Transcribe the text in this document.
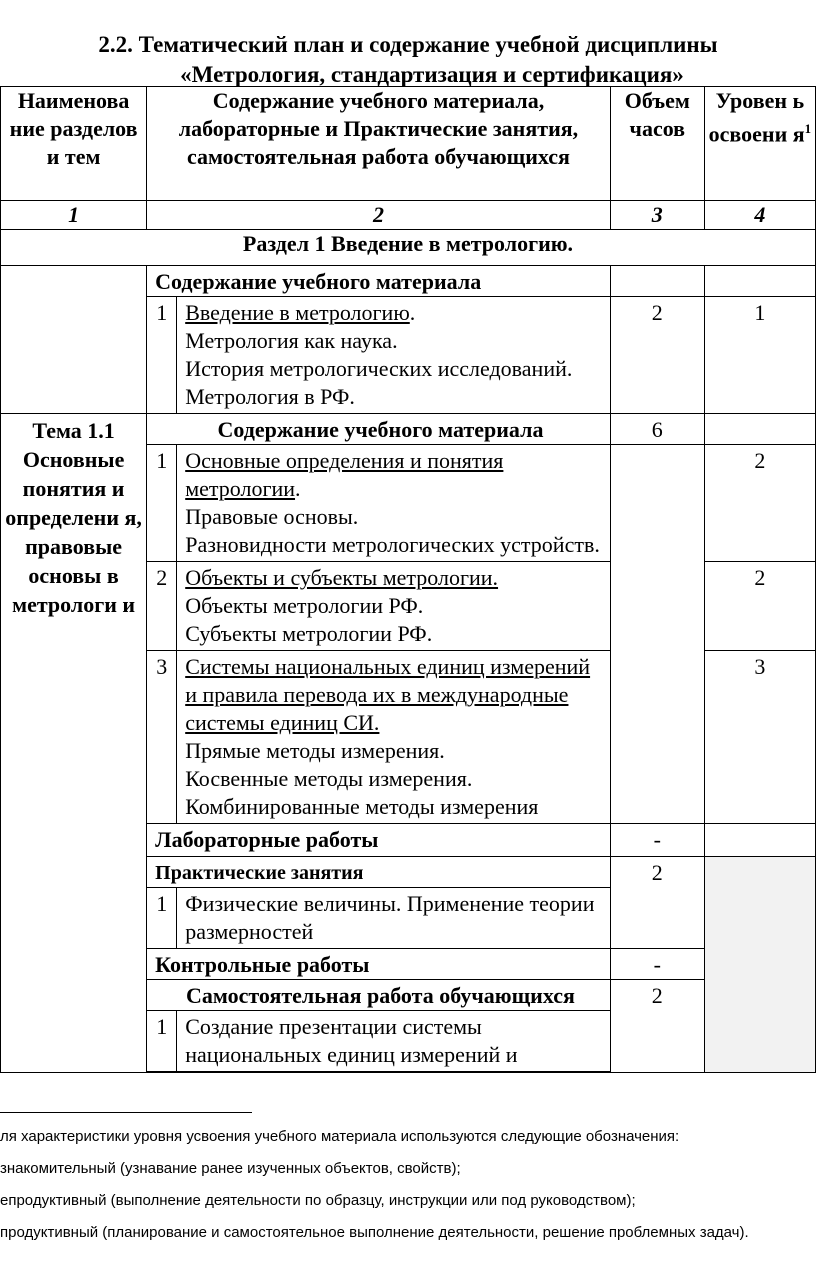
2.2. Тематический план и содержание учебной дисциплины
«Метрология, стандартизация и сертификация»
Наименова ние разделов и тем	Содержание учебного материала, лабораторные и Практические занятия, самостоятельная работа обучающихся		Объем часов	Уровен ь освоени $я^1$
1	2		3	4
Раздел 1 Введение в метрологию.				
	Содержание учебного материала			
	1	Введение в метрологию.
Метрология как наука.
История метрологических исследований.
Метрология в РФ.	2	1
Тема 1.1 Основные понятия и определени я, правовые основы в метрологи и	Содержание учебного материала		6	
	1	Основные определения и понятия метрологии.
Правовые основы.
Разновидности метрологических устройств.		2
	2	Объекты и субъекты метрологии.
Объекты метрологии РФ.
Субъекты метрологии РФ.		2
	3	Системы национальных единиц измерений и правила перевода их в международные системы единиц СИ.
Прямые методы измерения.
Косвенные методы измерения.
Комбинированные методы измерения		3
	Лабораторные работы		-	
	Практические занятия		2	
	1	Физические величины. Применение теории размерностей		
	Контрольные работы		-	
	Самостоятельная работа обучающихся		2	
	1	Создание презентации системы национальных единиц измерений и		

ля характеристики уровня усвоения учебного материала используются следующие обозначения:
знакомительный (узнавание ранее изученных объектов, свойств);
епродуктивный (выполнение деятельности по образцу, инструкции или под руководством);
продуктивный (планирование и самостоятельное выполнение деятельности, решение проблемных задач).
